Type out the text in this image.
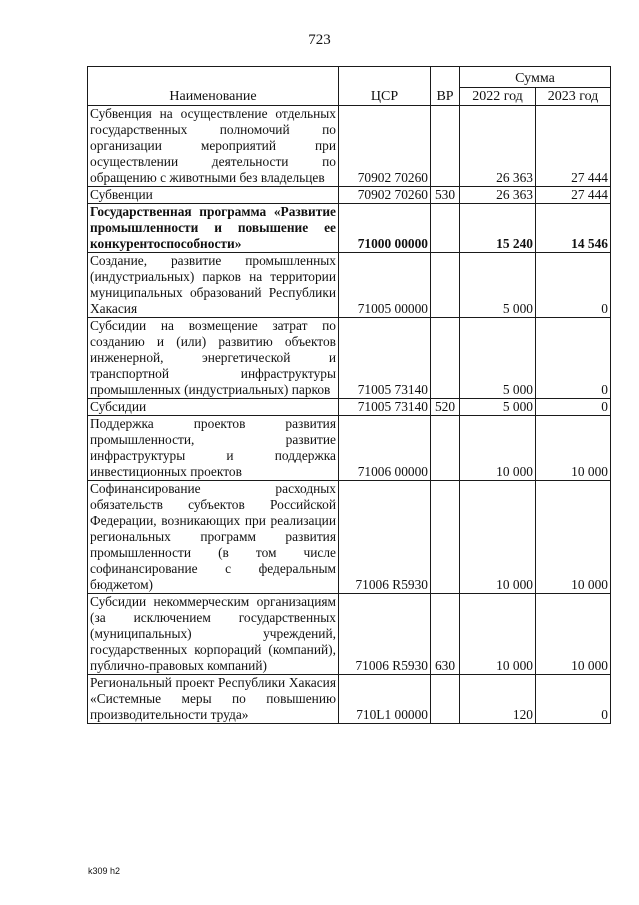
723
Наименование	ЦСР	ВР	Сумма	
			2022 год	2023 год
Субвенция на осуществление отдельных государственных полномочий по организации мероприятий при осуществлении деятельности по обращению с животными без владельцев	70902 70260		26 363	27 444
Субвенции	70902 70260	530	26 363	27 444
Государственная программа «Развитие промышленности и повышение ее конкурентоспособности»	71000 00000		15 240	14 546
Создание, развитие промышленных (индустриальных) парков на территории муниципальных образований Республики Хакасия	71005 00000		5 000	0
Субсидии на возмещение затрат по созданию и (или) развитию объектов инженерной, энергетической и транспортной инфраструктуры промышленных (индустриальных) парков	71005 73140		5 000	0
Субсидии	71005 73140	520	5 000	0
Поддержка проектов развития промышленности, развитие инфраструктуры и поддержка инвестиционных проектов	71006 00000		10 000	10 000
Софинансирование расходных обязательств субъектов Российской Федерации, возникающих при реализации региональных программ развития промышленности (в том числе софинансирование с федеральным бюджетом)	71006 R5930		10 000	10 000
Субсидии некоммерческим организациям (за исключением государственных (муниципальных) учреждений, государственных корпораций (компаний), публично-правовых компаний)	71006 R5930	630	10 000	10 000
Региональный проект Республики Хакасия «Системные меры по повышению производительности труда»	710L1 00000		120	0
k309 h2
